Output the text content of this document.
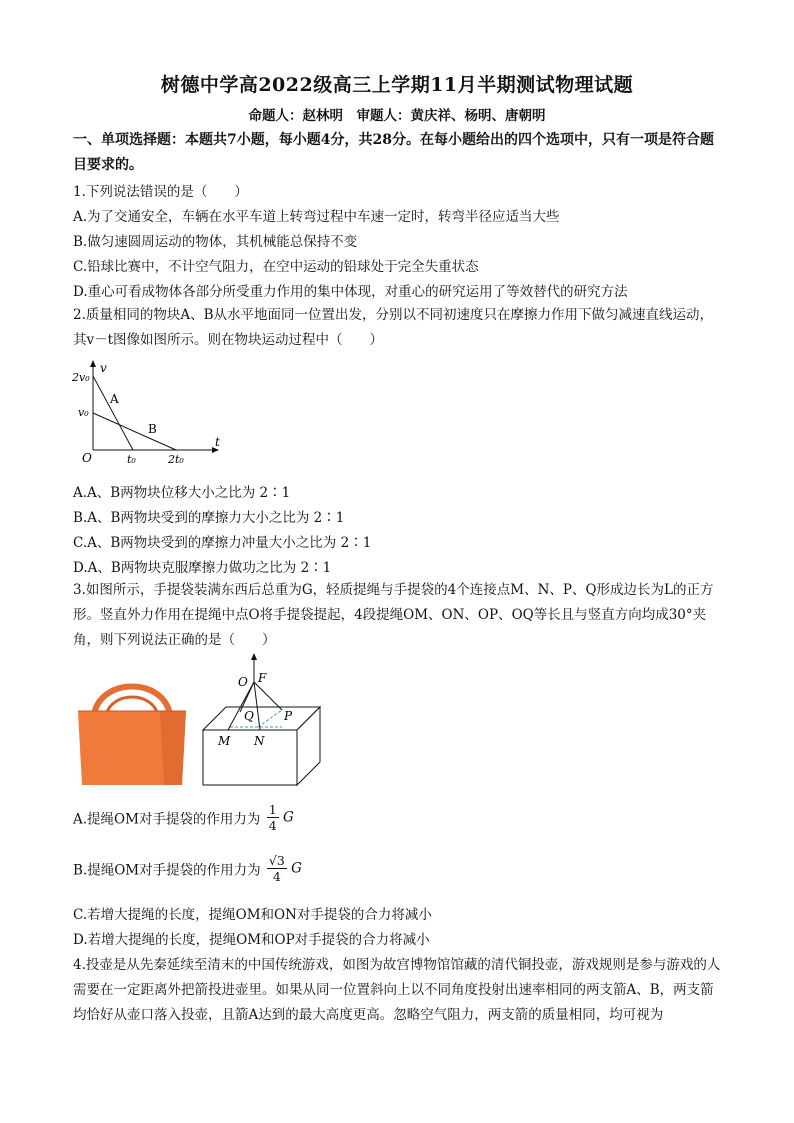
树德中学高2022级高三上学期11月半期测试物理试题
命题人：赵林明　审题人：黄庆祥、杨明、唐朝明
一、单项选择题：本题共7小题，每小题4分，共28分。在每小题给出的四个选项中，只有一项是符合题目要求的。
1.下列说法错误的是（　　）
A.为了交通安全，车辆在水平车道上转弯过程中车速一定时，转弯半径应适当大些
B.做匀速圆周运动的物体，其机械能总保持不变
C.铅球比赛中，不计空气阻力，在空中运动的铅球处于完全失重状态
D.重心可看成物体各部分所受重力作用的集中体现，对重心的研究运用了等效替代的研究方法
2.质量相同的物块A、B从水平地面同一位置出发，分别以不同初速度只在摩擦力作用下做匀减速直线运动，其v－t图像如图所示。则在物块运动过程中（　　）
v
t
O
2v₀
v₀
t₀	2t₀
A
B
A.A、B两物块位移大小之比为 2∶1
B.A、B两物块受到的摩擦力大小之比为 2∶1
C.A、B两物块受到的摩擦力冲量大小之比为 2∶1
D.A、B两物块克服摩擦力做功之比为 2∶1
3.如图所示，手提袋装满东西后总重为G，轻质提绳与手提袋的4个连接点M、N、P、Q形成边长为L的正方形。竖直外力作用在提绳中点O将手提袋提起，4段提绳OM、ON、OP、OQ等长且与竖直方向均成30°夹角，则下列说法正确的是（　　）
O F
Q	P
M N
A.提绳OM对手提袋的作用力为 $\frac{1}{4}$ G
B.提绳OM对手提袋的作用力为 $\frac{√3}{4}$ G
C.若增大提绳的长度，提绳OM和ON对手提袋的合力将减小
D.若增大提绳的长度，提绳OM和OP对手提袋的合力将减小
4.投壶是从先秦延续至清末的中国传统游戏，如图为故宫博物馆馆藏的清代铜投壶，游戏规则是参与游戏的人需要在一定距离外把箭投进壶里。如果从同一位置斜向上以不同角度投射出速率相同的两支箭A、B，两支箭均恰好从壶口落入投壶，且箭A达到的最大高度更高。忽略空气阻力，两支箭的质量相同，均可视为
